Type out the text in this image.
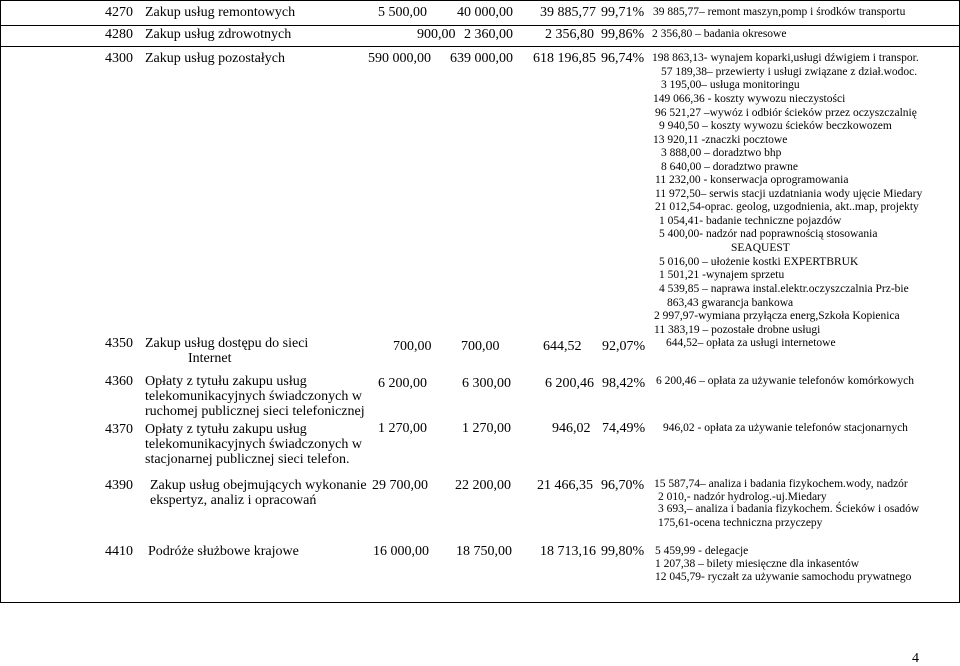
4270 Zakup usług remontowych	5 500,00 40 000,00 39 885,77 99,71% 39 885,77– remont maszyn,pomp i środków transportu
4280 Zakup usług zdrowotnych	900,00 2 360,00 2 356,80 99,86% 2 356,80 – badania okresowe
4300 Zakup usług pozostałych	590 000,00 639 000,00 618 196,85 96,74% 198 863,13- wynajem koparki,usługi dźwigiem i transpor.
57 189,38– przewierty i usługi związane z dział.wodoc.
3 195,00– usługa monitoringu
149 066,36 - koszty wywozu nieczystości
96 521,27 –wywóz i odbiór ścieków przez oczyszczalnię
9 940,50 – koszty wywozu ścieków beczkowozem
13 920,11 -znaczki pocztowe
3 888,00 – doradztwo bhp
8 640,00 – doradztwo prawne
11 232,00 - konserwacja oprogramowania
11 972,50– serwis stacji uzdatniania wody ujęcie Miedary
21 012,54-oprac. geolog, uzgodnienia, akt..map, projekty
1 054,41- badanie techniczne pojazdów
5 400,00- nadzór nad poprawnością stosowania
SEAQUEST
5 016,00 – ułożenie kostki EXPERTBRUK
1 501,21 -wynajem sprzetu
4 539,85 – naprawa instal.elektr.oczyszczalnia Prz-bie
863,43 gwarancja bankowa
2 997,97-wymiana przyłącza energ,Szkoła Kopienica
11 383,19 – pozostałe drobne usługi
4350 Zakup usług dostępu do sieci
Internet
700,00 700,00	644,52 92,07% 644,52– opłata za usługi internetowe
4360 Opłaty z tytułu zakupu usług
telekomunikacyjnych świadczonych w
ruchomej publicznej sieci telefonicznej
6 200,00	6 300,00 6 200,46 98,42% 6 200,46 – opłata za używanie telefonów komórkowych
4370 Opłaty z tytułu zakupu usług
telekomunikacyjnych świadczonych w
stacjonarnej publicznej sieci telefon.
1 270,00	1 270,00	946,02 74,49% 946,02 - opłata za używanie telefonów stacjonarnych
4390 Zakup usług obejmujących wykonanie
ekspertyz, analiz i opracowań
29 700,00 22 200,00 21 466,35 96,70% 15 587,74– analiza i badania fizykochem.wody, nadzór
2 010,- nadzór hydrolog.-uj.Miedary
3 693,– analiza i badania fizykochem. Ścieków i osadów
175,61-ocena techniczna przyczepy
4410 Podróże służbowe krajowe	16 000,00 18 750,00 18 713,16 99,80% 5 459,99 - delegacje
1 207,38 – bilety miesięczne dla inkasentów
12 045,79- ryczałt za używanie samochodu prywatnego
4
